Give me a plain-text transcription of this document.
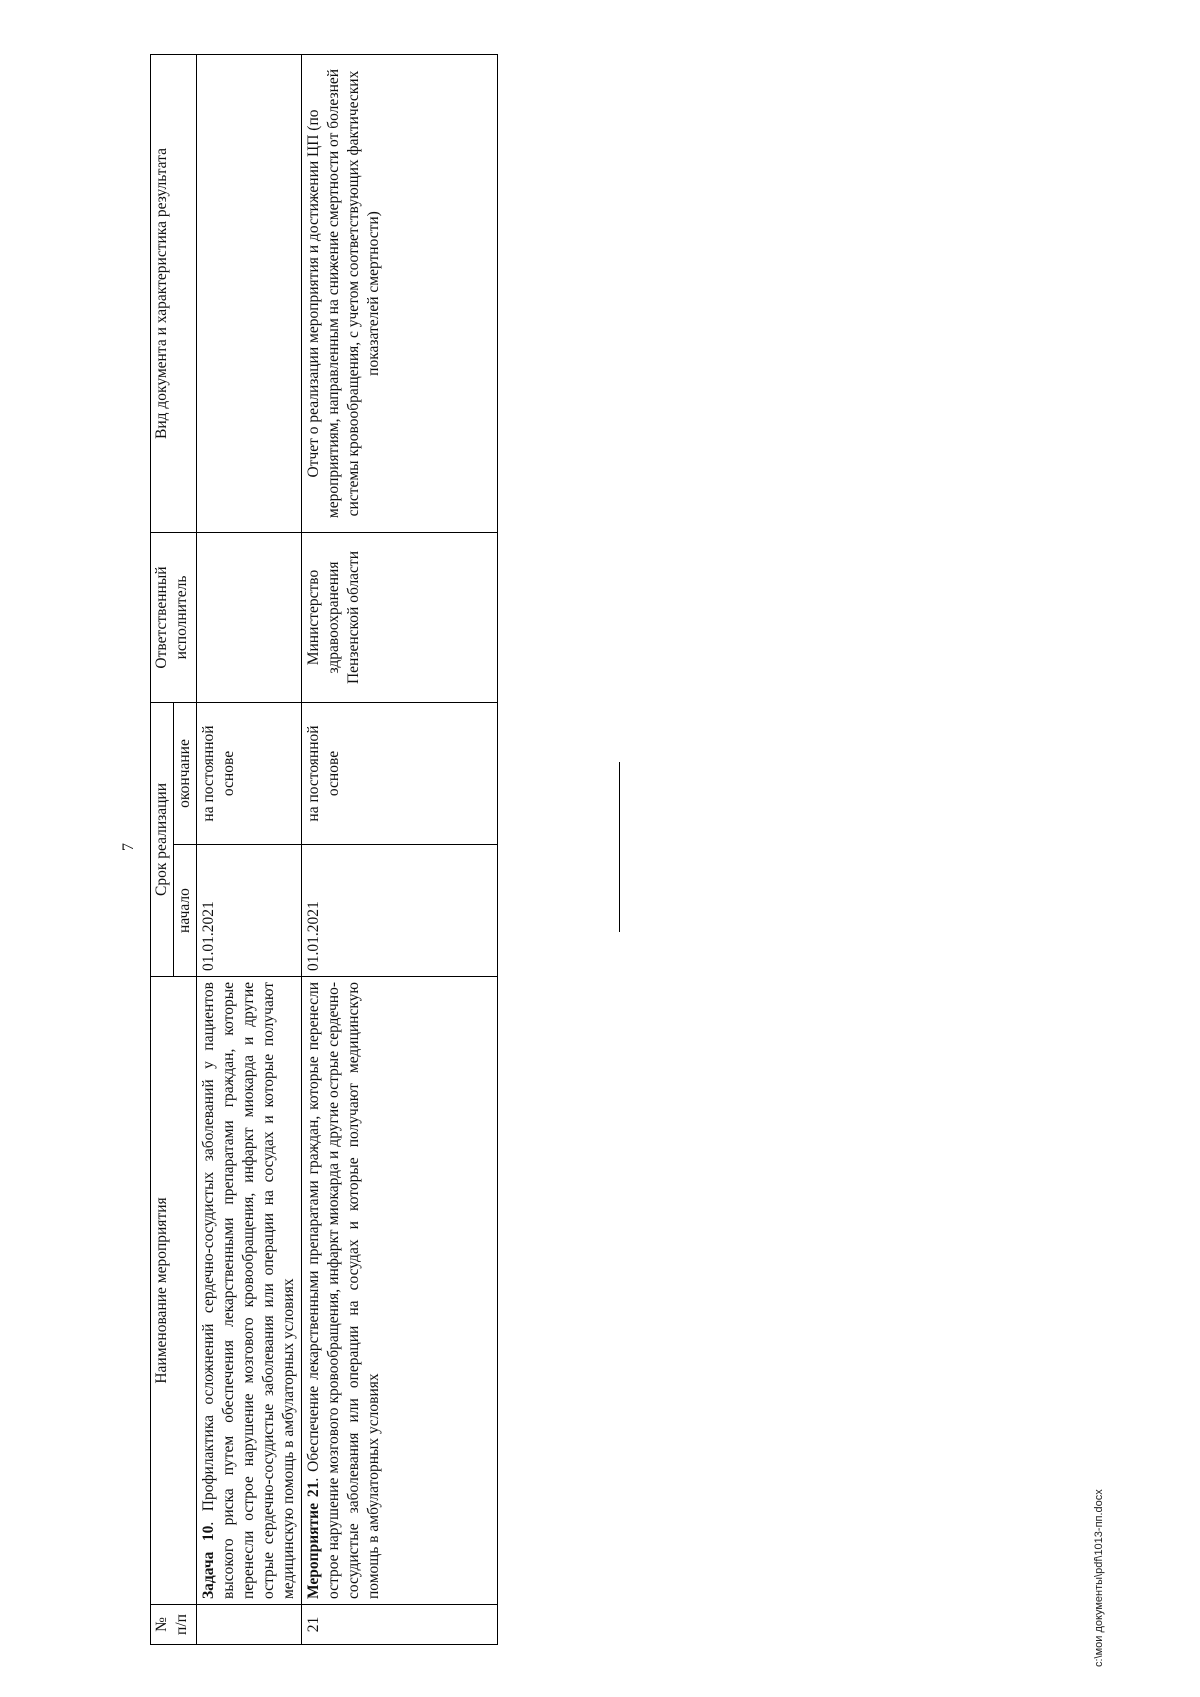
7
№ п/п	Наименование мероприятия	Срок реализации		Ответственный исполнитель	Вид документа и характеристика результата
		начало	окончание		
	Задача 10. Профилактика осложнений сердечно-сосудистых заболеваний у пациентов высокого риска путем обеспечения лекарственными препаратами граждан, которые перенесли острое нарушение мозгового кровообращения, инфаркт миокарда и другие острые сердечно-сосудистые заболевания или операции на сосудах и которые получают медицинскую помощь в амбулаторных условиях	01.01.2021	на постоянной основе		
21	Мероприятие 21. Обеспечение лекарственными препаратами граждан, которые перенесли острое нарушение мозгового кровообращения, инфаркт миокарда и другие острые сердечно-сосудистые заболевания или операции на сосудах и которые получают медицинскую помощь в амбулаторных условиях	01.01.2021	на постоянной основе	Министерство здравоохранения Пензенской области	Отчет о реализации мероприятия и достижении ЦП (по мероприятиям, направленным на снижение смертности от болезней системы кровообращения, с учетом соответствующих фактических показателей смертности)
c:\мои документы\pdf\1013-пп.docx
